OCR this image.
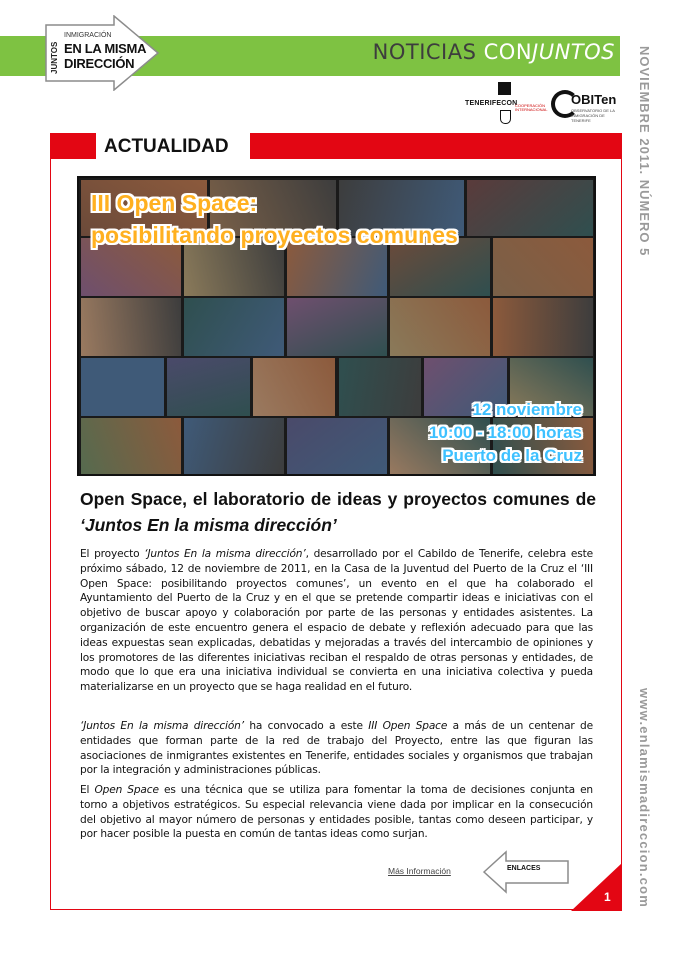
NOTICIAS CONJUNTOS
JUNTOS
INMIGRACIÓN
EN LA MISMA
DIRECCIÓN
TENERIFECON
COOPERACIÓN INTERNACIONAL
OBITen
OBSERVATORIO DE LA INMIGRACIÓN DE TENERIFE	NOVIEMBRE 2011. NÚMERO 5
www.enlamismadireccion.com
ACTUALIDAD
III Open Space:
posibilitando proyectos comunes
12 noviembre
10:00 - 18:00 horas
Puerto de la Cruz
Open Space, el laboratorio de ideas y proyectos comunes de ‘Juntos En la misma dirección’

El proyecto ‘Juntos En la misma dirección’, desarrollado por el Cabildo de Tenerife, celebra este próximo sábado, 12 de noviembre de 2011, en la Casa de la Juventud del Puerto de la Cruz el ‘III Open Space: posibilitando proyectos comunes’, un evento en el que ha colaborado el Ayuntamiento del Puerto de la Cruz y en el que se pretende compartir ideas e iniciativas con el objetivo de buscar apoyo y colaboración por parte de las personas y entidades asistentes. La organización de este encuentro genera el espacio de debate y reflexión adecuado para que las ideas expuestas sean explicadas, debatidas y mejoradas a través del intercambio de opiniones y los promotores de las diferentes iniciativas reciban el respaldo de otras personas y entidades, de modo que lo que era una iniciativa individual se convierta en una iniciativa colectiva y pueda materializarse en un proyecto que se haga realidad en el futuro.

‘Juntos En la misma dirección’ ha convocado a este III Open Space a más de un centenar de entidades que forman parte de la red de trabajo del Proyecto, entre las que figuran las asociaciones de inmigrantes existentes en Tenerife, entidades sociales y organismos que trabajan por la integración y administraciones públicas.

El Open Space es una técnica que se utiliza para fomentar la toma de decisiones conjunta en torno a objetivos estratégicos. Su especial relevancia viene dada por implicar en la consecución del objetivo al mayor número de personas y entidades posible, tantas como deseen participar, y por hacer posible la puesta en común de tantas ideas como surjan.

Más Información	ENLACES
1
